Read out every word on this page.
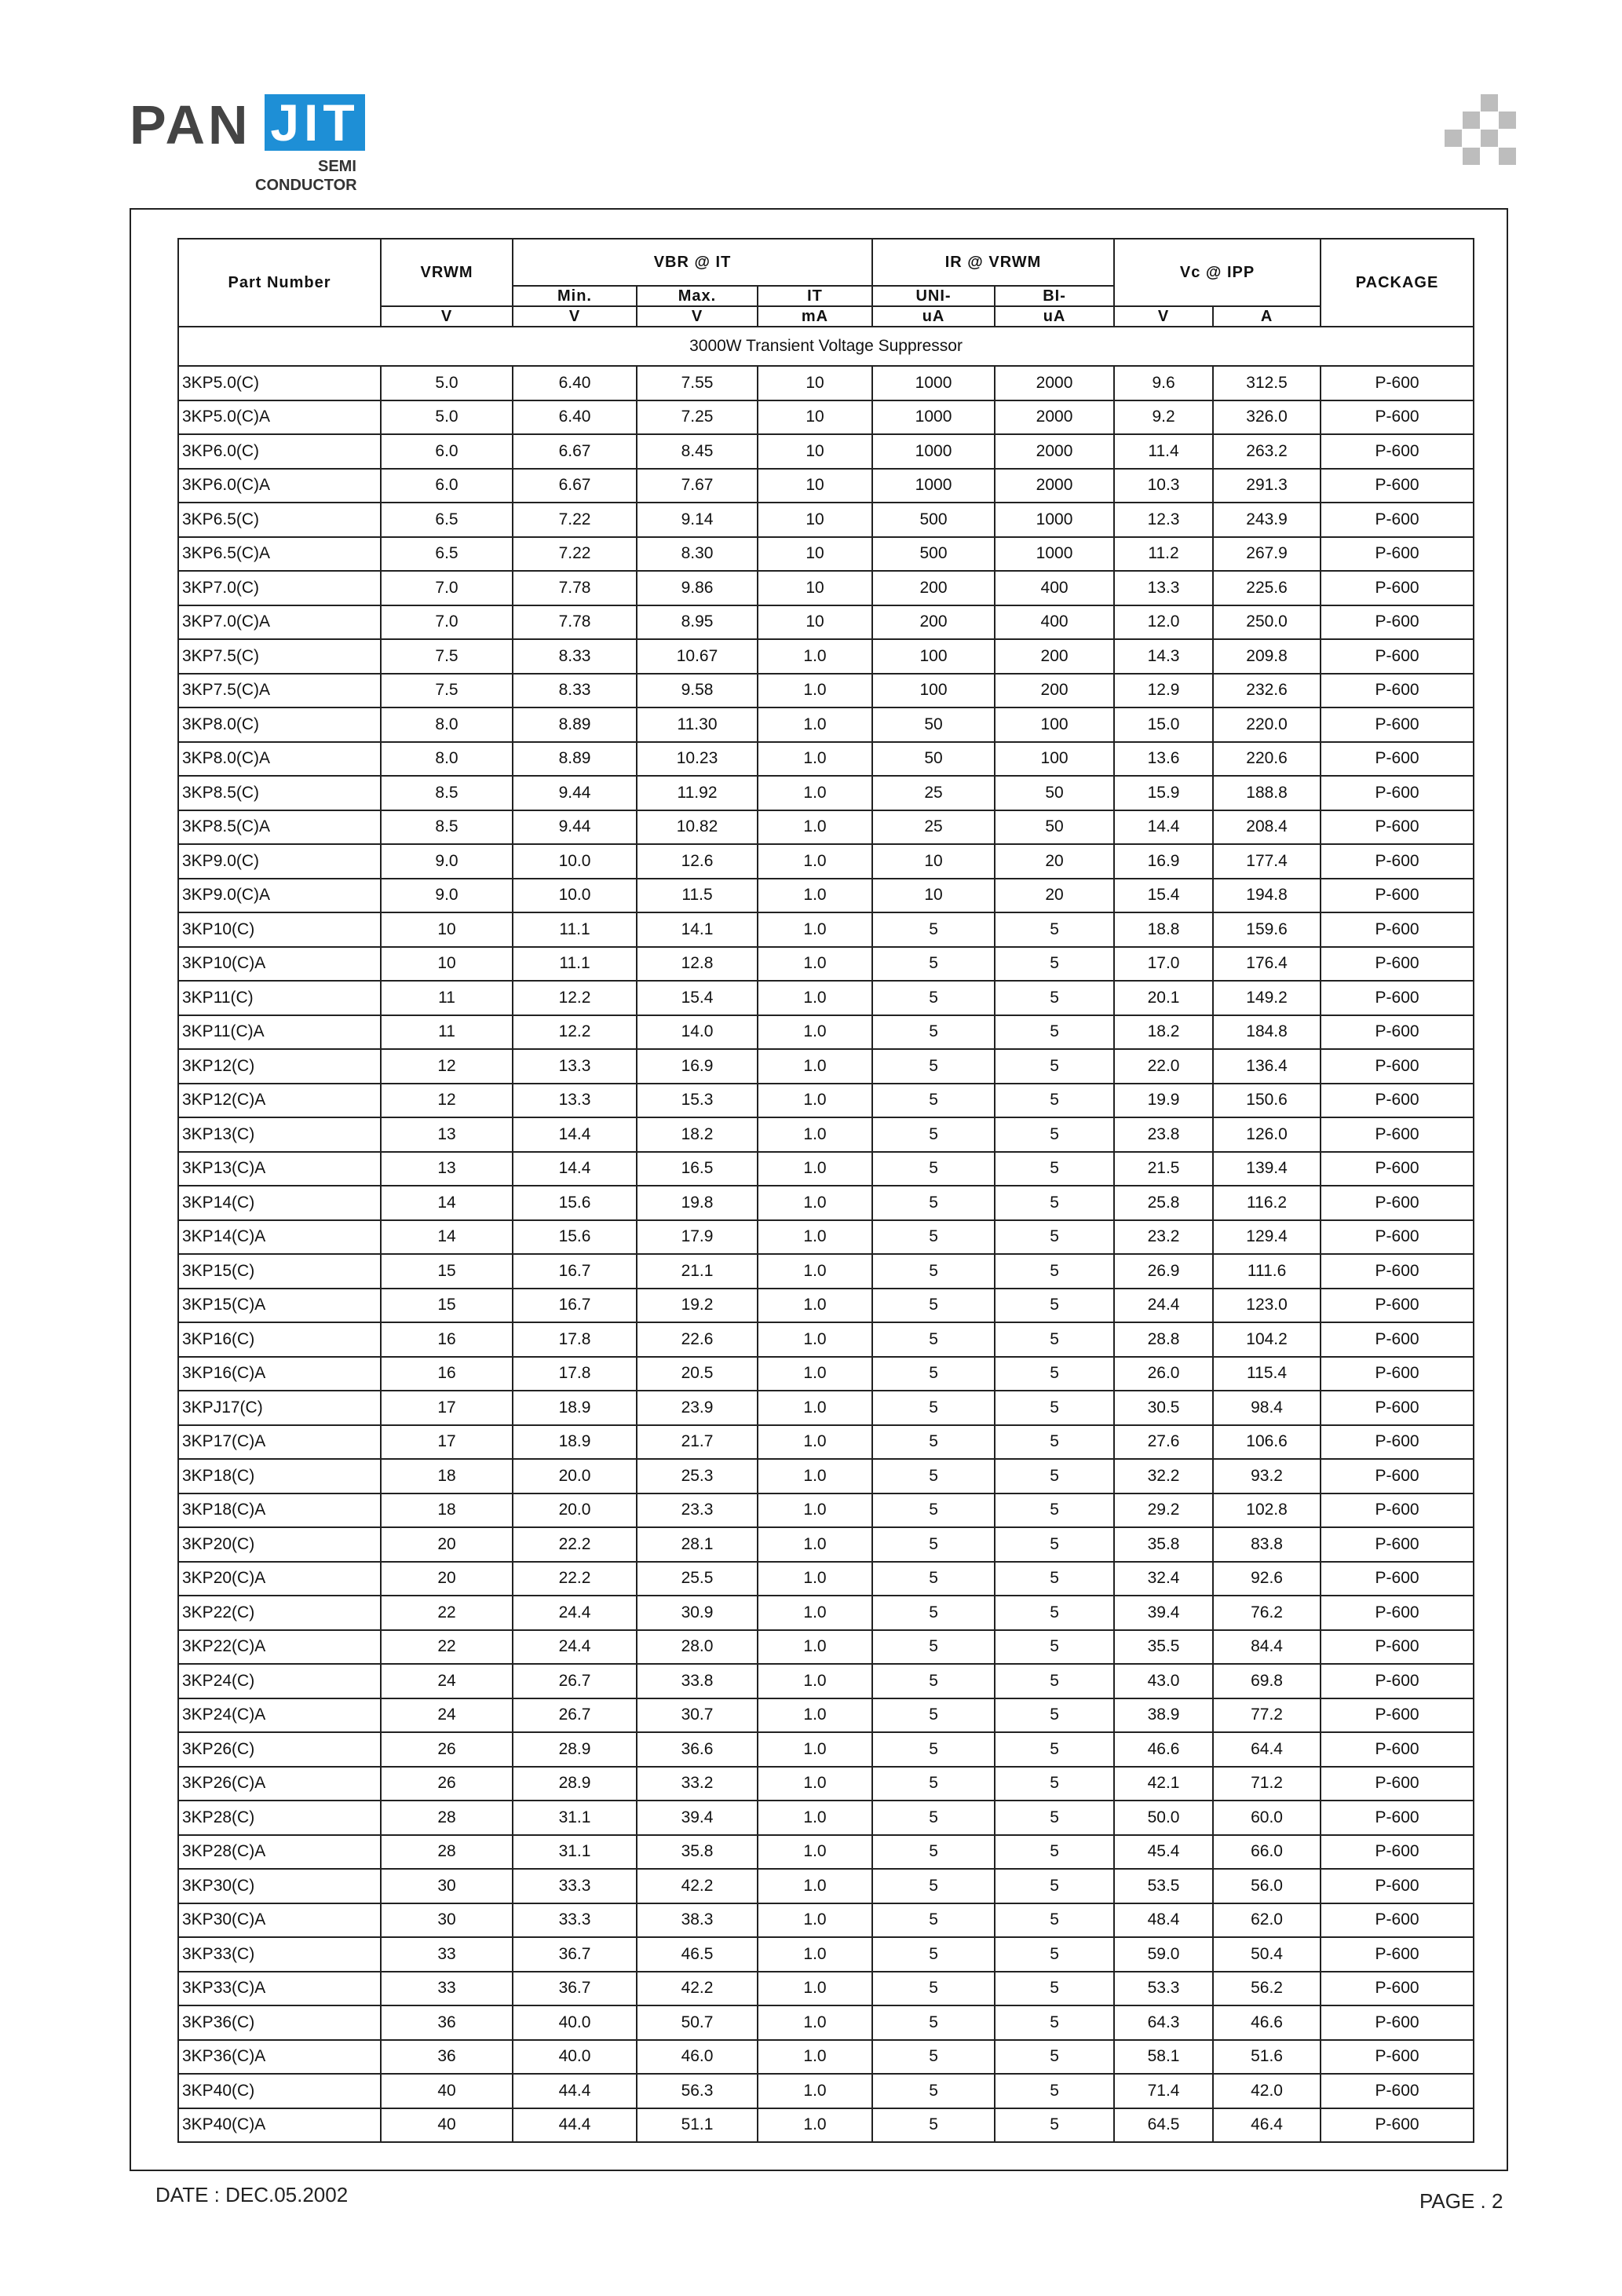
PAN JIT
SEMI
CONDUCTOR
Part Number	VRWM	VBR @ IT			IR @ VRWM		Vc @ IPP		PACKAGE
		Min.	Max.	IT	UNI-	BI-			
	V	V	V	mA	uA	uA	V	A	
3000W Transient Voltage Suppressor									
3KP5.0(C)	5.0	6.40	7.55	10	1000	2000	9.6	312.5	P-600
3KP5.0(C)A	5.0	6.40	7.25	10	1000	2000	9.2	326.0	P-600
3KP6.0(C)	6.0	6.67	8.45	10	1000	2000	11.4	263.2	P-600
3KP6.0(C)A	6.0	6.67	7.67	10	1000	2000	10.3	291.3	P-600
3KP6.5(C)	6.5	7.22	9.14	10	500	1000	12.3	243.9	P-600
3KP6.5(C)A	6.5	7.22	8.30	10	500	1000	11.2	267.9	P-600
3KP7.0(C)	7.0	7.78	9.86	10	200	400	13.3	225.6	P-600
3KP7.0(C)A	7.0	7.78	8.95	10	200	400	12.0	250.0	P-600
3KP7.5(C)	7.5	8.33	10.67	1.0	100	200	14.3	209.8	P-600
3KP7.5(C)A	7.5	8.33	9.58	1.0	100	200	12.9	232.6	P-600
3KP8.0(C)	8.0	8.89	11.30	1.0	50	100	15.0	220.0	P-600
3KP8.0(C)A	8.0	8.89	10.23	1.0	50	100	13.6	220.6	P-600
3KP8.5(C)	8.5	9.44	11.92	1.0	25	50	15.9	188.8	P-600
3KP8.5(C)A	8.5	9.44	10.82	1.0	25	50	14.4	208.4	P-600
3KP9.0(C)	9.0	10.0	12.6	1.0	10	20	16.9	177.4	P-600
3KP9.0(C)A	9.0	10.0	11.5	1.0	10	20	15.4	194.8	P-600
3KP10(C)	10	11.1	14.1	1.0	5	5	18.8	159.6	P-600
3KP10(C)A	10	11.1	12.8	1.0	5	5	17.0	176.4	P-600
3KP11(C)	11	12.2	15.4	1.0	5	5	20.1	149.2	P-600
3KP11(C)A	11	12.2	14.0	1.0	5	5	18.2	184.8	P-600
3KP12(C)	12	13.3	16.9	1.0	5	5	22.0	136.4	P-600
3KP12(C)A	12	13.3	15.3	1.0	5	5	19.9	150.6	P-600
3KP13(C)	13	14.4	18.2	1.0	5	5	23.8	126.0	P-600
3KP13(C)A	13	14.4	16.5	1.0	5	5	21.5	139.4	P-600
3KP14(C)	14	15.6	19.8	1.0	5	5	25.8	116.2	P-600
3KP14(C)A	14	15.6	17.9	1.0	5	5	23.2	129.4	P-600
3KP15(C)	15	16.7	21.1	1.0	5	5	26.9	111.6	P-600
3KP15(C)A	15	16.7	19.2	1.0	5	5	24.4	123.0	P-600
3KP16(C)	16	17.8	22.6	1.0	5	5	28.8	104.2	P-600
3KP16(C)A	16	17.8	20.5	1.0	5	5	26.0	115.4	P-600
3KPJ17(C)	17	18.9	23.9	1.0	5	5	30.5	98.4	P-600
3KP17(C)A	17	18.9	21.7	1.0	5	5	27.6	106.6	P-600
3KP18(C)	18	20.0	25.3	1.0	5	5	32.2	93.2	P-600
3KP18(C)A	18	20.0	23.3	1.0	5	5	29.2	102.8	P-600
3KP20(C)	20	22.2	28.1	1.0	5	5	35.8	83.8	P-600
3KP20(C)A	20	22.2	25.5	1.0	5	5	32.4	92.6	P-600
3KP22(C)	22	24.4	30.9	1.0	5	5	39.4	76.2	P-600
3KP22(C)A	22	24.4	28.0	1.0	5	5	35.5	84.4	P-600
3KP24(C)	24	26.7	33.8	1.0	5	5	43.0	69.8	P-600
3KP24(C)A	24	26.7	30.7	1.0	5	5	38.9	77.2	P-600
3KP26(C)	26	28.9	36.6	1.0	5	5	46.6	64.4	P-600
3KP26(C)A	26	28.9	33.2	1.0	5	5	42.1	71.2	P-600
3KP28(C)	28	31.1	39.4	1.0	5	5	50.0	60.0	P-600
3KP28(C)A	28	31.1	35.8	1.0	5	5	45.4	66.0	P-600
3KP30(C)	30	33.3	42.2	1.0	5	5	53.5	56.0	P-600
3KP30(C)A	30	33.3	38.3	1.0	5	5	48.4	62.0	P-600
3KP33(C)	33	36.7	46.5	1.0	5	5	59.0	50.4	P-600
3KP33(C)A	33	36.7	42.2	1.0	5	5	53.3	56.2	P-600
3KP36(C)	36	40.0	50.7	1.0	5	5	64.3	46.6	P-600
3KP36(C)A	36	40.0	46.0	1.0	5	5	58.1	51.6	P-600
3KP40(C)	40	44.4	56.3	1.0	5	5	71.4	42.0	P-600
3KP40(C)A	40	44.4	51.1	1.0	5	5	64.5	46.4	P-600
DATE : DEC.05.2002	PAGE . 2
